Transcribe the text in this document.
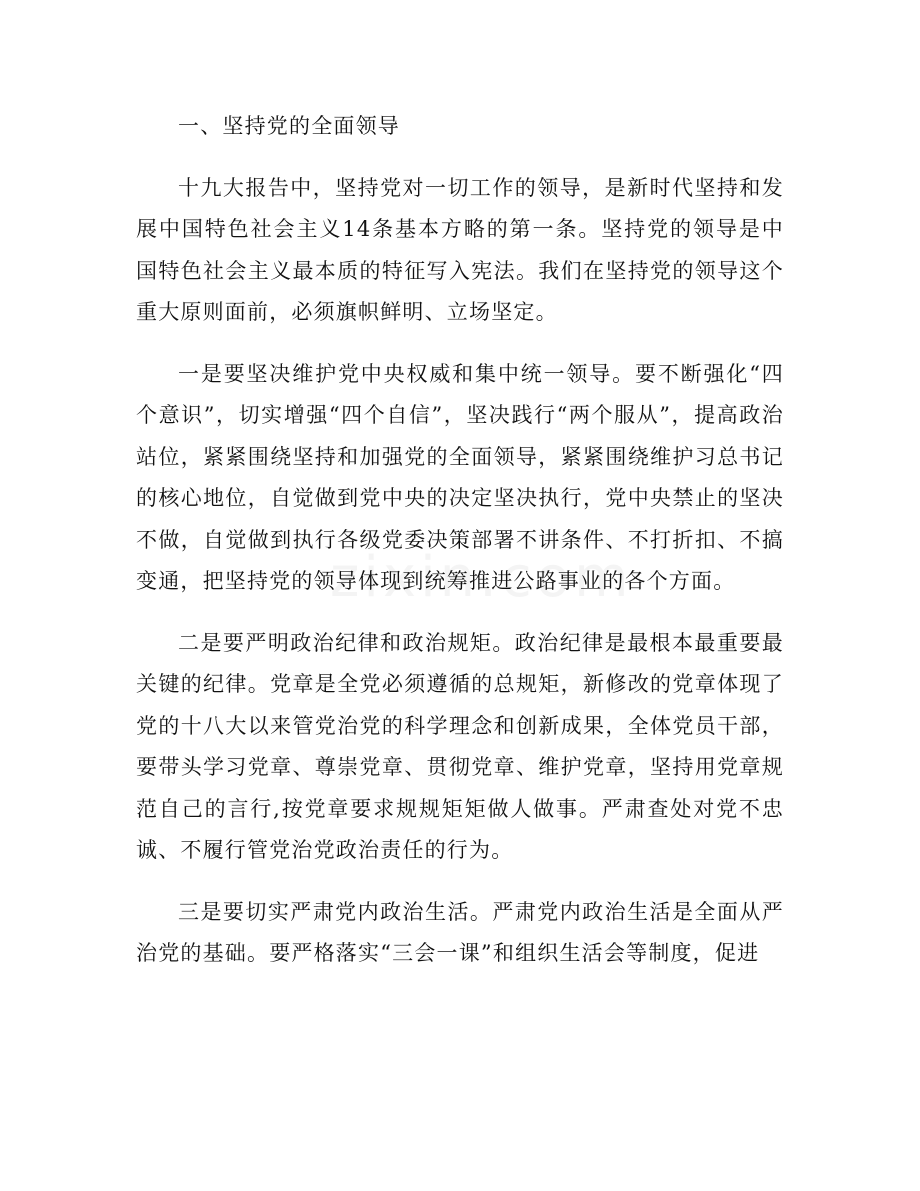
一、坚持党的全面领导

十九大报告中，坚持党对一切工作的领导，是新时代坚持和发展中国特色社会主义14条基本方略的第一条。坚持党的领导是中国特色社会主义最本质的特征写入宪法。我们在坚持党的领导这个重大原则面前，必须旗帜鲜明、立场坚定。

一是要坚决维护党中央权威和集中统一领导。要不断强化“四个意识”，切实增强“四个自信”，坚决践行“两个服从”，提高政治站位，紧紧围绕坚持和加强党的全面领导，紧紧围绕维护习总书记的核心地位，自觉做到党中央的决定坚决执行，党中央禁止的坚决不做，自觉做到执行各级党委决策部署不讲条件、不打折扣、不搞变通，把坚持党的领导体现到统筹推进公路事业的各个方面。

二是要严明政治纪律和政治规矩。政治纪律是最根本最重要最关键的纪律。党章是全党必须遵循的总规矩，新修改的党章体现了党的十八大以来管党治党的科学理念和创新成果，全体党员干部，要带头学习党章、尊崇党章、贯彻党章、维护党章，坚持用党章规范自己的言行,按党章要求规规矩矩做人做事。严肃查处对党不忠诚、不履行管党治党政治责任的行为。

三是要切实严肃党内政治生活。严肃党内政治生活是全面从严治党的基础。要严格落实“三会一课”和组织生活会等制度，促进
